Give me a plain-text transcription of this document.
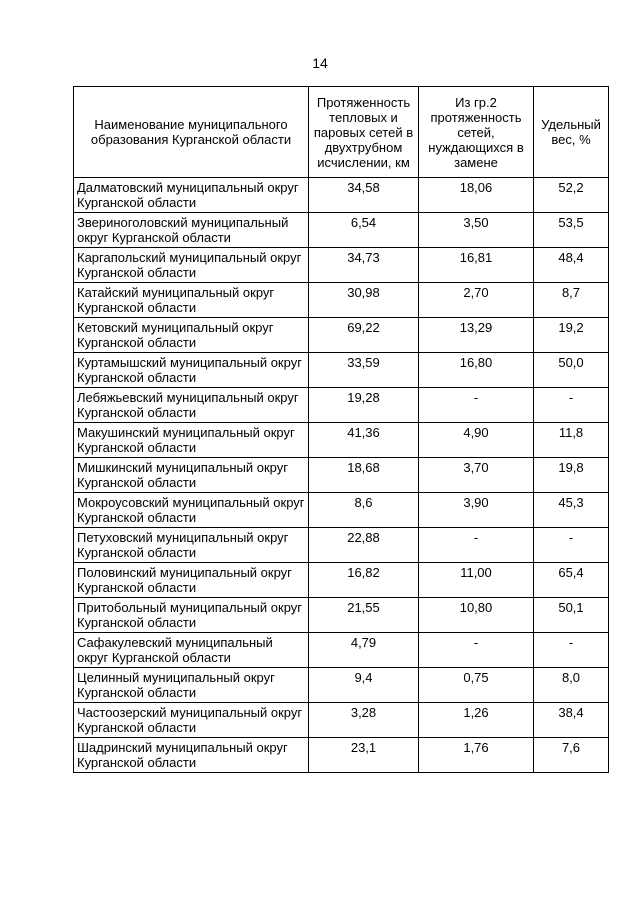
14
Наименование муниципального образования Курганской области	Протяженность тепловых и паровых сетей в двухтрубном исчислении, км	Из гр.2 протяженность сетей, нуждающихся в замене	Удельный вес, %
Далматовский муниципальный округ Курганской области	34,58	18,06	52,2
Звериноголовский муниципальный округ Курганской области	6,54	3,50	53,5
Каргапольский муниципальный округ Курганской области	34,73	16,81	48,4
Катайский муниципальный округ Курганской области	30,98	2,70	8,7
Кетовский муниципальный округ Курганской области	69,22	13,29	19,2
Куртамышский муниципальный округ Курганской области	33,59	16,80	50,0
Лебяжьевский муниципальный округ Курганской области	19,28	-	-
Макушинский муниципальный округ Курганской области	41,36	4,90	11,8
Мишкинский муниципальный округ Курганской области	18,68	3,70	19,8
Мокроусовский муниципальный округ Курганской области	8,6	3,90	45,3
Петуховский муниципальный округ Курганской области	22,88	-	-
Половинский муниципальный округ Курганской области	16,82	11,00	65,4
Притобольный муниципальный округ Курганской области	21,55	10,80	50,1
Сафакулевский муниципальный округ Курганской области	4,79	-	-
Целинный муниципальный округ Курганской области	9,4	0,75	8,0
Частоозерский муниципальный округ Курганской области	3,28	1,26	38,4
Шадринский муниципальный округ Курганской области	23,1	1,76	7,6
